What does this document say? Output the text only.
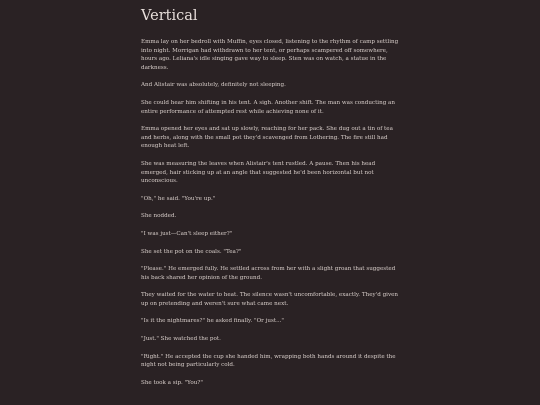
Vertical

Emma lay on her bedroll with Muffin, eyes closed, listening to the rhythm of camp settling into night. Morrigan had withdrawn to her tent, or perhaps scampered off somewhere, hours ago. Leliana's idle singing gave way to sleep. Sten was on watch, a statue in the darkness.

And Alistair was absolutely, definitely not sleeping.

She could hear him shifting in his tent. A sigh. Another shift. The man was conducting an entire performance of attempted rest while achieving none of it.

Emma opened her eyes and sat up slowly, reaching for her pack. She dug out a tin of tea and herbs, along with the small pot they'd scavenged from Lothering. The fire still had enough heat left.

She was measuring the leaves when Alistair's tent rustled. A pause. Then his head emerged, hair sticking up at an angle that suggested he'd been horizontal but not unconscious.

"Oh," he said. "You're up."

She nodded.

"I was just—Can't sleep either?"

She set the pot on the coals. "Tea?"

"Please." He emerged fully. He settled across from her with a slight groan that suggested his back shared her opinion of the ground.

They waited for the water to heat. The silence wasn't uncomfortable, exactly. They'd given up on pretending and weren't sure what came next.

"Is it the nightmares?" he asked finally. "Or just..."

"Just." She watched the pot.

"Right." He accepted the cup she handed him, wrapping both hands around it despite the night not being particularly cold.

She took a sip. "You?"
